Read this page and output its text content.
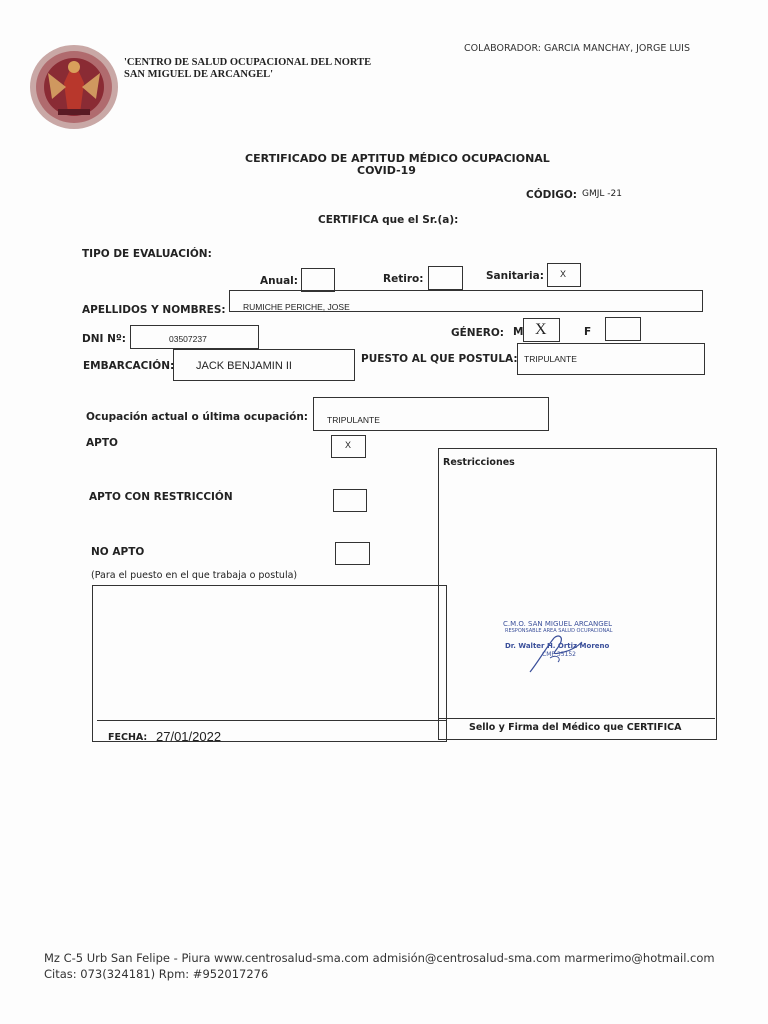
COLABORADOR: GARCIA MANCHAY, JORGE LUIS
'CENTRO DE SALUD OCUPACIONAL DEL NORTE
SAN MIGUEL DE ARCANGEL'
CERTIFICADO DE APTITUD MÉDICO OCUPACIONAL
COVID-19
CÓDIGO: GMJL -21
CERTIFICA que el Sr.(a):
TIPO DE EVALUACIÓN:
Anual:	Retiro:	Sanitaria: X
APELLIDOS Y NOMBRES: RUMICHE PERICHE, JOSE
DNI Nº:	03507237	GÉNERO: M X	F
EMBARCACIÓN: JACK BENJAMIN II
PUESTO AL QUE POSTULA: TRIPULANTE
Ocupación actual o última ocupación: TRIPULANTE
APTO	X
Restricciones
APTO CON RESTRICCIÓN
NO APTO
(Para el puesto en el que trabaja o postula)
C.M.O. SAN MIGUEL ARCANGEL
RESPONSABLE AREA SALUD OCUPACIONAL
Dr. Walter H. Ortiz Moreno
CMP 35152
Sello y Firma del Médico que CERTIFICA
FECHA: 27/01/2022
Mz C-5 Urb San Felipe - Piura www.centrosalud-sma.com admisión@centrosalud-sma.com marmerimo@hotmail.com
Citas: 073(324181) Rpm: #952017276
